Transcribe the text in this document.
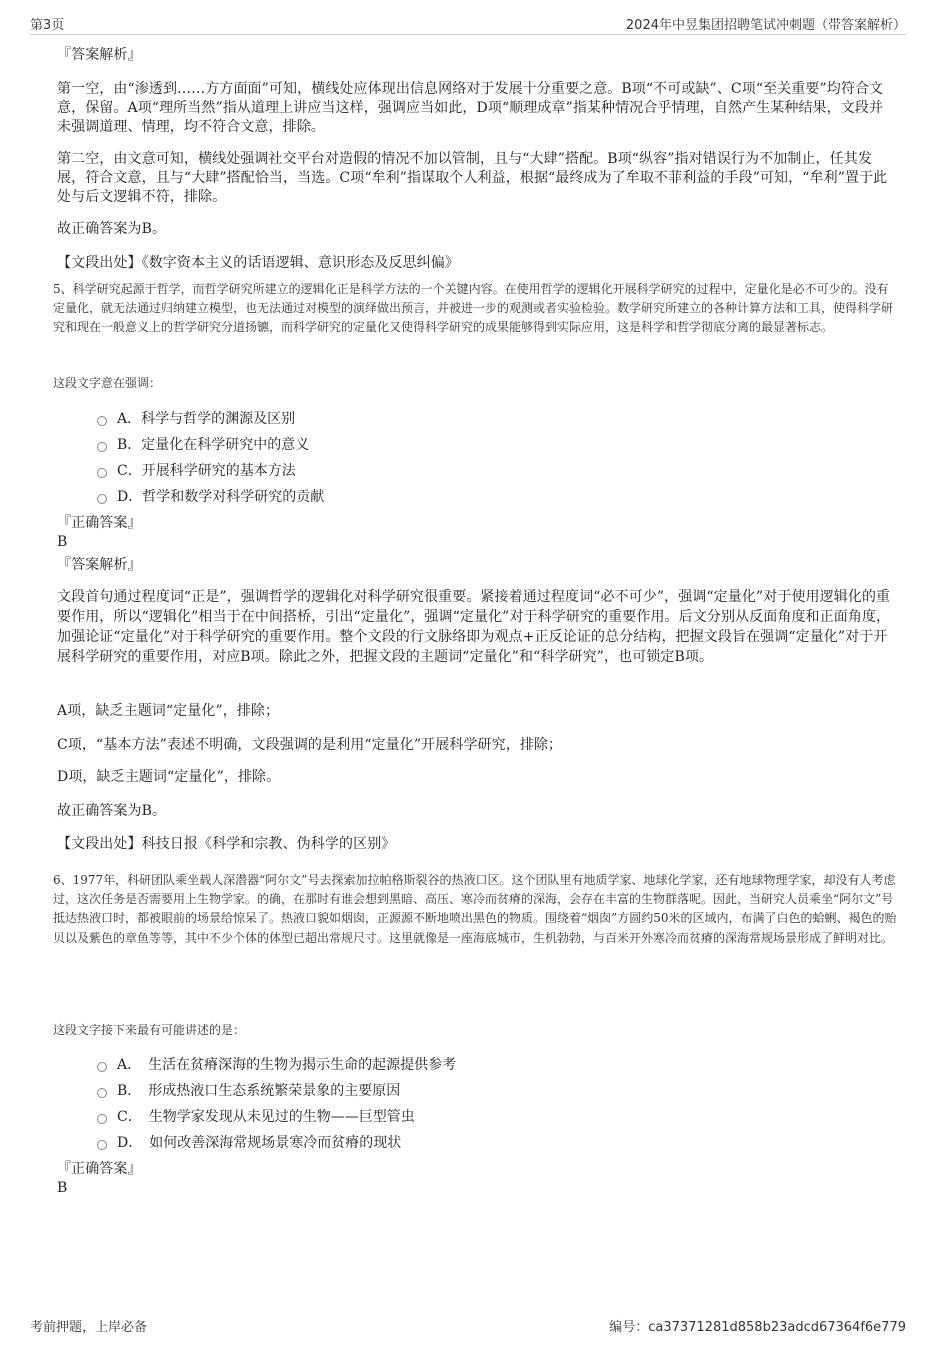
第3页	2024年中昱集团招聘笔试冲刺题（带答案解析）
『答案解析』
第一空，由“渗透到……方方面面”可知，横线处应体现出信息网络对于发展十分重要之意。B项“不可或缺”、C项“至关重要”均符合文意，保留。A项“理所当然”指从道理上讲应当这样，强调应当如此，D项“顺理成章”指某种情况合乎情理，自然产生某种结果，文段并未强调道理、情理，均不符合文意，排除。
第二空，由文意可知，横线处强调社交平台对造假的情况不加以管制，且与“大肆”搭配。B项“纵容”指对错误行为不加制止，任其发展，符合文意，且与“大肆”搭配恰当，当选。C项“牟利”指谋取个人利益，根据“最终成为了牟取不菲利益的手段”可知，“牟利”置于此处与后文逻辑不符，排除。
故正确答案为B。
【文段出处】《数字资本主义的话语逻辑、意识形态及反思纠偏》
5、科学研究起源于哲学，而哲学研究所建立的逻辑化正是科学方法的一个关键内容。在使用哲学的逻辑化开展科学研究的过程中，定量化是必不可少的。没有定量化，就无法通过归纳建立模型，也无法通过对模型的演绎做出预言，并被进一步的观测或者实验检验。数学研究所建立的各种计算方法和工具，使得科学研究和现在一般意义上的哲学研究分道扬镳，而科学研究的定量化又使得科学研究的成果能够得到实际应用，这是科学和哲学彻底分离的最显著标志。
这段文字意在强调：
A．科学与哲学的渊源及区别
B．定量化在科学研究中的意义
C．开展科学研究的基本方法
D．哲学和数学对科学研究的贡献
『正确答案』
B
『答案解析』
文段首句通过程度词“正是”，强调哲学的逻辑化对科学研究很重要。紧接着通过程度词“必不可少”，强调“定量化”对于使用逻辑化的重要作用，所以“逻辑化”相当于在中间搭桥，引出“定量化”，强调“定量化”对于科学研究的重要作用。后文分别从反面角度和正面角度，加强论证“定量化”对于科学研究的重要作用。整个文段的行文脉络即为观点+正反论证的总分结构，把握文段旨在强调“定量化”对于开展科学研究的重要作用，对应B项。除此之外，把握文段的主题词“定量化”和“科学研究”，也可锁定B项。
A项，缺乏主题词“定量化”，排除；
C项，“基本方法”表述不明确，文段强调的是利用“定量化”开展科学研究，排除；
D项，缺乏主题词“定量化”，排除。
故正确答案为B。
【文段出处】科技日报《科学和宗教、伪科学的区别》
6、1977年，科研团队乘坐载人深潜器“阿尔文”号去探索加拉帕格斯裂谷的热液口区。这个团队里有地质学家、地球化学家，还有地球物理学家，却没有人考虑过，这次任务是否需要用上生物学家。的确，在那时有谁会想到黑暗、高压、寒冷而贫瘠的深海，会存在丰富的生物群落呢。因此，当研究人员乘坐“阿尔文”号抵达热液口时，都被眼前的场景给惊呆了。热液口貌如烟囱，正源源不断地喷出黑色的物质。围绕着“烟囱”方圆约50米的区域内，布满了白色的蛤蜊、褐色的贻贝以及紫色的章鱼等等，其中不少个体的体型已超出常规尺寸。这里就像是一座海底城市，生机勃勃，与百米开外寒冷而贫瘠的深海常规场景形成了鲜明对比。
这段文字接下来最有可能讲述的是：
A．　生活在贫瘠深海的生物为揭示生命的起源提供参考
B．　形成热液口生态系统繁荣景象的主要原因
C．　生物学家发现从未见过的生物——巨型管虫
D．　如何改善深海常规场景寒冷而贫瘠的现状
『正确答案』
B
考前押题，上岸必备	编号：ca37371281d858b23adcd67364f6e779
